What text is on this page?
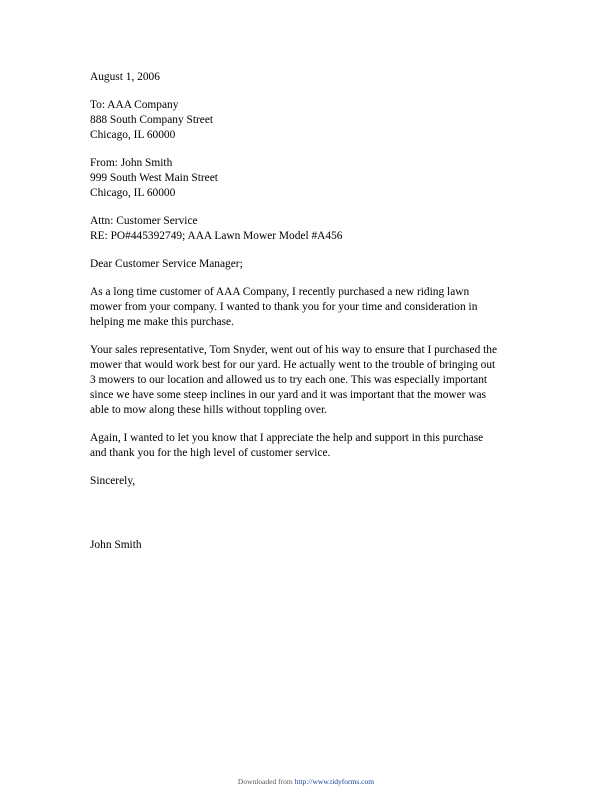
August 1, 2006
To: AAA Company
888 South Company Street
Chicago, IL 60000
From: John Smith
999 South West Main Street
Chicago, IL 60000
Attn: Customer Service
RE: PO#445392749; AAA Lawn Mower Model #A456
Dear Customer Service Manager;
As a long time customer of AAA Company, I recently purchased a new riding lawn
mower from your company. I wanted to thank you for your time and consideration in
helping me make this purchase.
Your sales representative, Tom Snyder, went out of his way to ensure that I purchased the
mower that would work best for our yard. He actually went to the trouble of bringing out
3 mowers to our location and allowed us to try each one. This was especially important
since we have some steep inclines in our yard and it was important that the mower was
able to mow along these hills without toppling over.
Again, I wanted to let you know that I appreciate the help and support in this purchase
and thank you for the high level of customer service.
Sincerely,
John Smith
Downloaded from http://www.tidyforms.com
